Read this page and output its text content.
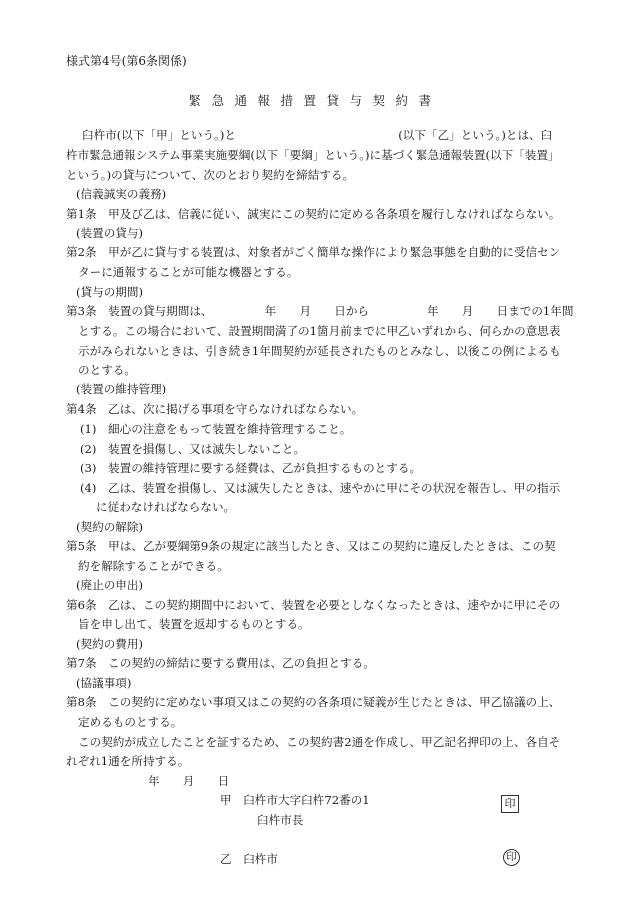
様式第4号(第6条関係)
緊急通報措置貸与契約書
臼杵市(以下「甲」という。)と　　　　　　　　　　　　　　(以下「乙」という。)とは、臼
杵市緊急通報システム事業実施要綱(以下「要綱」という。)に基づく緊急通報装置(以下「装置」
という。)の貸与について、次のとおり契約を締結する。
(信義誠実の義務)
第1条　甲及び乙は、信義に従い、誠実にこの契約に定める各条項を履行しなければならない。
(装置の貸与)
第2条　甲が乙に貸与する装置は、対象者がごく簡単な操作により緊急事態を自動的に受信セン
ターに通報することが可能な機器とする。
(貸与の期間)
第3条　装置の貸与期間は、　　　　　年　　月　　日から　　　　　年　　月　　日までの1年間
とする。この場合において、設置期間満了の1箇月前までに甲乙いずれから、何らかの意思表
示がみられないときは、引き続き1年間契約が延長されたものとみなし、以後この例によるも
のとする。
(装置の維持管理)
第4条　乙は、次に掲げる事項を守らなければならない。
(1)　細心の注意をもって装置を維持管理すること。
(2)　装置を損傷し、又は滅失しないこと。
(3)　装置の維持管理に要する経費は、乙が負担するものとする。
(4)　乙は、装置を損傷し、又は滅失したときは、速やかに甲にその状況を報告し、甲の指示
に従わなければならない。
(契約の解除)
第5条　甲は、乙が要綱第9条の規定に該当したとき、又はこの契約に違反したときは、この契
約を解除することができる。
(廃止の申出)
第6条　乙は、この契約期間中において、装置を必要としなくなったときは、速やかに甲にその
旨を申し出て、装置を返却するものとする。
(契約の費用)
第7条　この契約の締結に要する費用は、乙の負担とする。
(協議事項)
第8条　この契約に定めない事項又はこの契約の各条項に疑義が生じたときは、甲乙協議の上、
定めるものとする。
この契約が成立したことを証するため、この契約書2通を作成し、甲乙記名押印の上、各自そ
れぞれ1通を所持する。
年　　月　　日
甲　臼杵市大字臼杵72番の1
臼杵市長
乙　臼杵市
印
印
